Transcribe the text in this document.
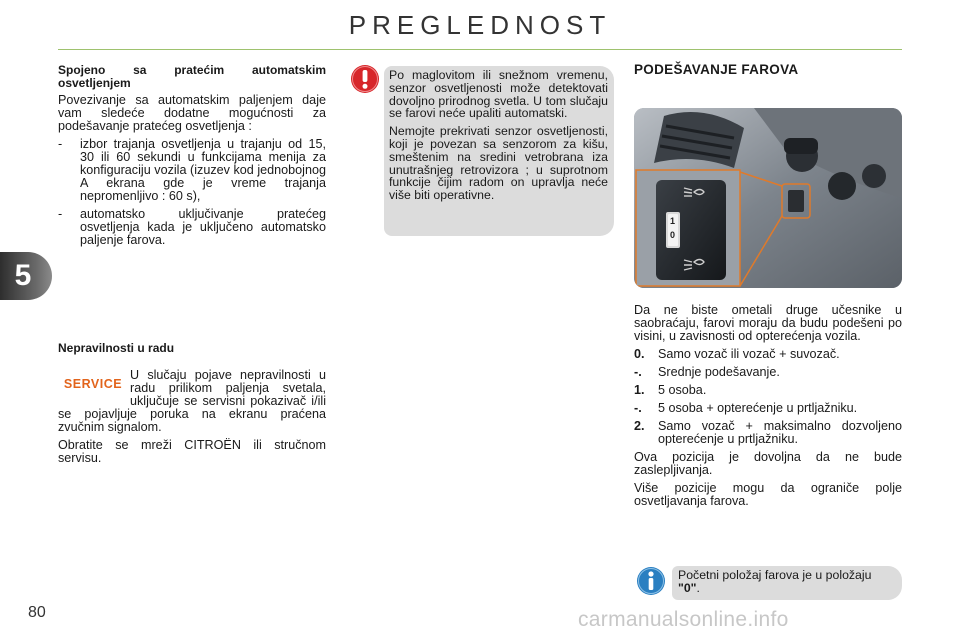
PREGLEDNOST
5
80
Spojeno sa pratećim automatskim osvetljenjem

Povezivanje sa automatskim paljenjem daje vam sledeće dodatne mogućnosti za podešavanje pratećeg osvetljenja :

-	izbor trajanja osvetljenja u trajanju od 15, 30 ili 60 sekundi u funkcijama menija za konfiguraciju vozila (izuzev kod jednobojnog A ekrana gde je vreme trajanja nepromenljivo : 60 s),
-	automatsko uključivanje pratećeg osvetljenja kada je uključeno automatsko paljenje farova.
Nepravilnosti u radu

SERVICE
U slučaju pojave nepravilnosti u radu prilikom paljenja svetala, uključuje se servisni pokazivač i/ili se pojavljuje poruka na ekranu praćena zvučnim signalom.

Obratite se mreži CITROËN ili stručnom servisu.

Po maglovitom ili snežnom vremenu, senzor osvetljenosti može detektovati dovoljno prirodnog svetla. U tom slučaju se farovi neće upaliti automatski.

Nemojte prekrivati senzor osvetljenosti, koji je povezan sa senzorom za kišu, smeštenim na sredini vetrobrana iza unutrašnjeg retrovizora ; u suprotnom funkcije čijim radom on upravlja neće više biti operativne.

PODEŠAVANJE FAROVA
1
0

Da ne biste ometali druge učesnike u saobraćaju, farovi moraju da budu podešeni po visini, u zavisnosti od opterećenja vozila.

0.	Samo vozač ili vozač + suvozač.
-.	Srednje podešavanje.
1.	5 osoba.
-.	5 osoba + opterećenje u prtljažniku.
2.	Samo vozač + maksimalno dozvoljeno opterećenje u prtljažniku.

Ova pozicija je dovoljna da ne bude zaslepljivanja.

Više pozicije mogu da ograniče polje osvetljavanja farova.

Početni položaj farova je u položaju "0".
carmanualsonline.info
